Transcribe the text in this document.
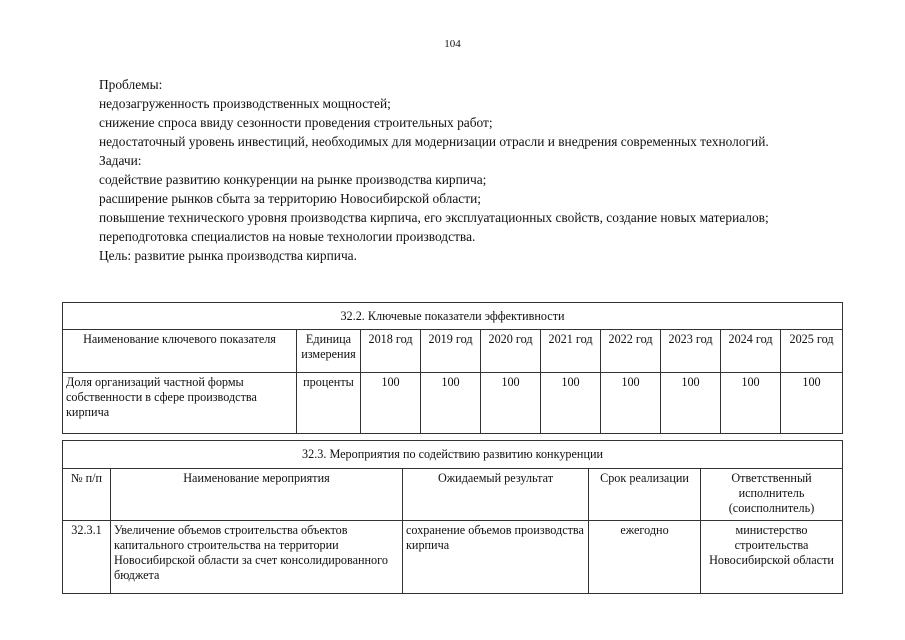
104

Проблемы:

недозагруженность производственных мощностей;

снижение спроса ввиду сезонности проведения строительных работ;

недостаточный уровень инвестиций, необходимых для модернизации отрасли и внедрения современных технологий.

Задачи:

содействие развитию конкуренции на рынке производства кирпича;

расширение рынков сбыта за территорию Новосибирской области;

повышение технического уровня производства кирпича, его эксплуатационных свойств, создание новых материалов;

переподготовка специалистов на новые технологии производства.

Цель: развитие рынка производства кирпича.

32.2. Ключевые показатели эффективности									
Наименование ключевого показателя	Единица измерения	2018 год	2019 год	2020 год	2021 год	2022 год	2023 год	2024 год	2025 год
Доля организаций частной формы собственности в сфере производства кирпича	проценты	100	100	100	100	100	100	100	100
32.3. Мероприятия по содействию развитию конкуренции				
№ п/п	Наименование мероприятия	Ожидаемый результат	Срок реализации	Ответственный исполнитель (соисполнитель)
32.3.1	Увеличение объемов строительства объектов капитального строительства на территории Новосибирской области за счет консолидированного бюджета	сохранение объемов производства кирпича	ежегодно	министерство строительства Новосибирской области
